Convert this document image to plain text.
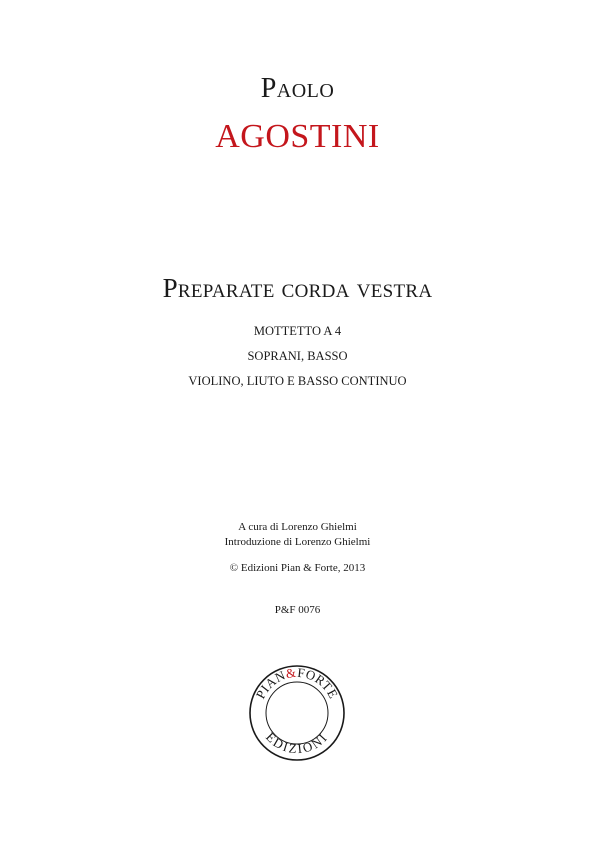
Paolo
AGOSTINI
Preparate corda vestra
MOTTETTO A 4
SOPRANI, BASSO
VIOLINO, LIUTO E BASSO CONTINUO
A cura di Lorenzo Ghielmi
Introduzione di Lorenzo Ghielmi
© Edizioni Pian & Forte, 2013
P&F 0076
PIAN&FORTE
EDIZIONI
